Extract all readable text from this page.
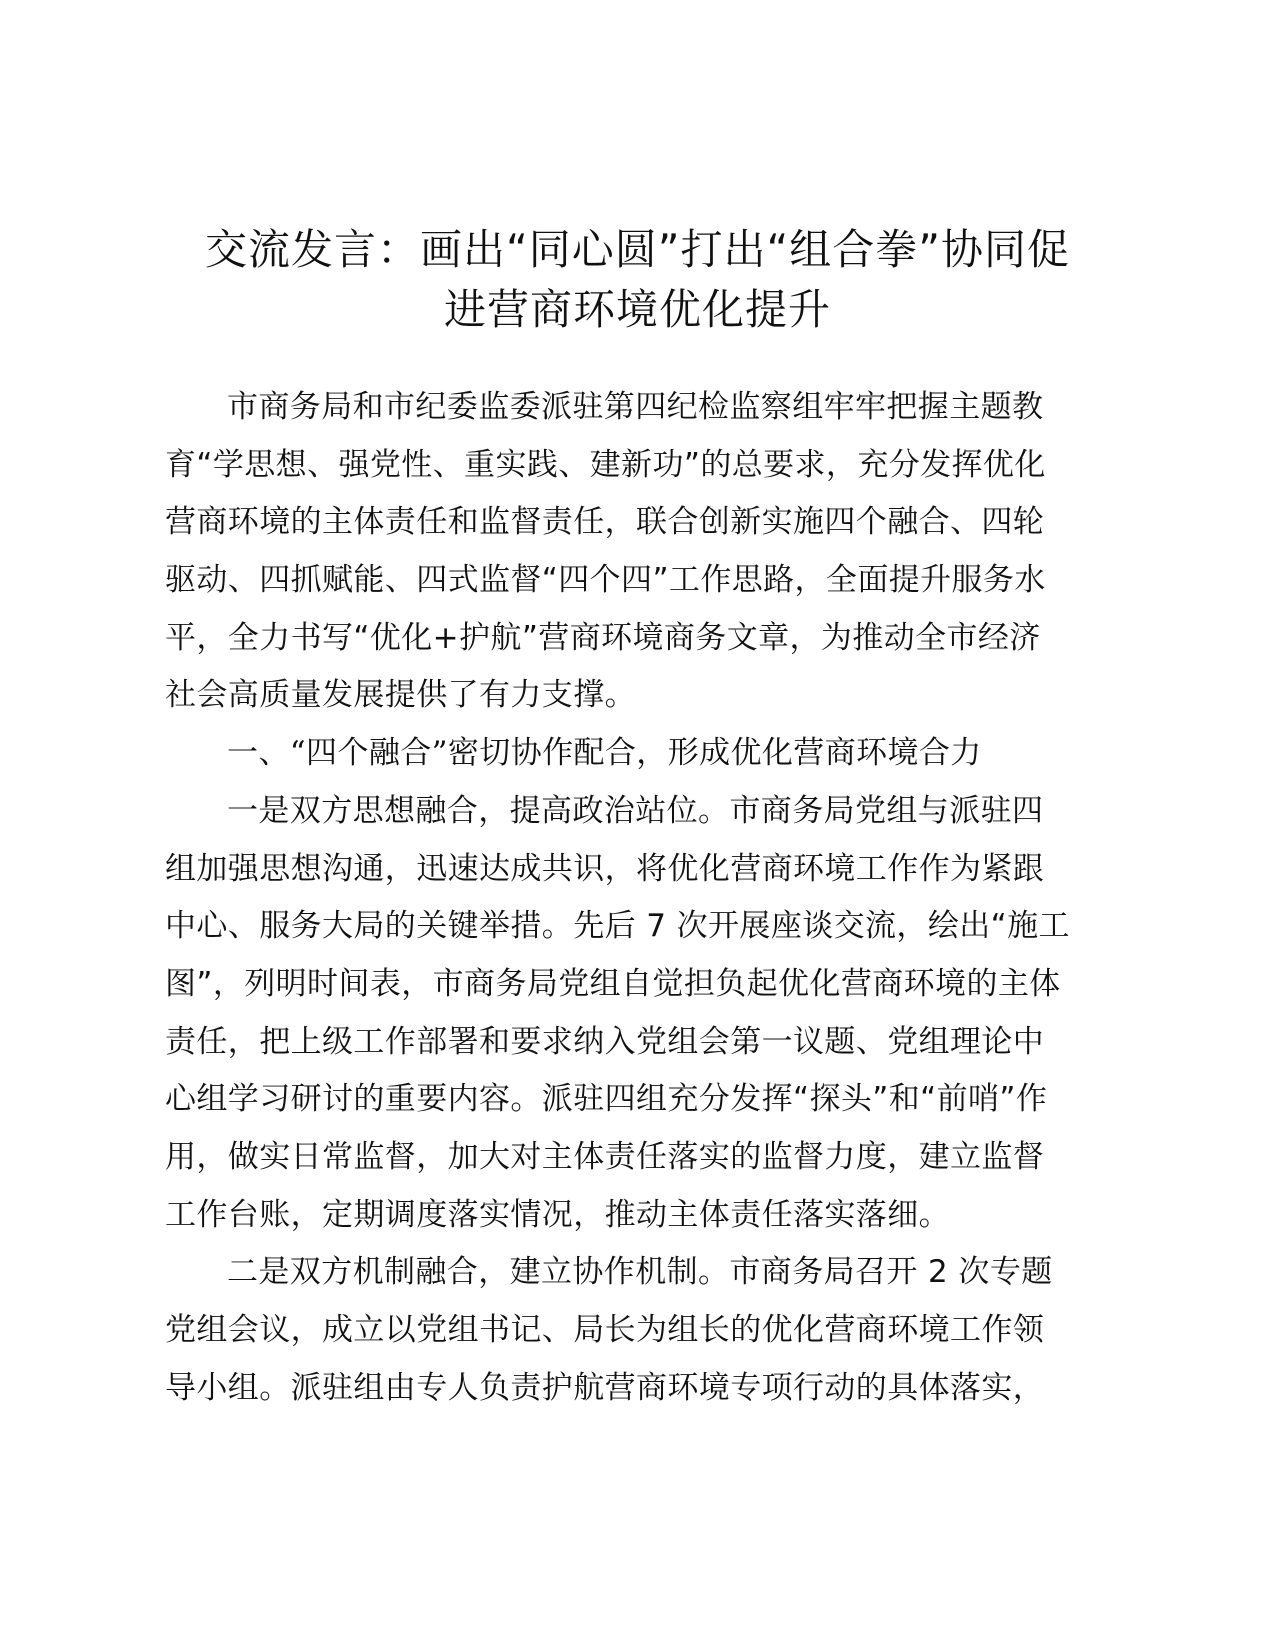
交流发言：画出“同心圆”打出“组合拳”协同促
进营商环境优化提升
市商务局和市纪委监委派驻第四纪检监察组牢牢把握主题教
育“学思想、强党性、重实践、建新功”的总要求，充分发挥优化
营商环境的主体责任和监督责任，联合创新实施四个融合、四轮
驱动、四抓赋能、四式监督“四个四”工作思路，全面提升服务水
平，全力书写“优化+护航”营商环境商务文章，为推动全市经济
社会高质量发展提供了有力支撑。
一、“四个融合”密切协作配合，形成优化营商环境合力
一是双方思想融合，提高政治站位。市商务局党组与派驻四
组加强思想沟通，迅速达成共识，将优化营商环境工作作为紧跟
中心、服务大局的关键举措。先后 7 次开展座谈交流，绘出“施工
图”，列明时间表，市商务局党组自觉担负起优化营商环境的主体
责任，把上级工作部署和要求纳入党组会第一议题、党组理论中
心组学习研讨的重要内容。派驻四组充分发挥“探头”和“前哨”作
用，做实日常监督，加大对主体责任落实的监督力度，建立监督
工作台账，定期调度落实情况，推动主体责任落实落细。
二是双方机制融合，建立协作机制。市商务局召开 2 次专题
党组会议，成立以党组书记、局长为组长的优化营商环境工作领
导小组。派驻组由专人负责护航营商环境专项行动的具体落实，
